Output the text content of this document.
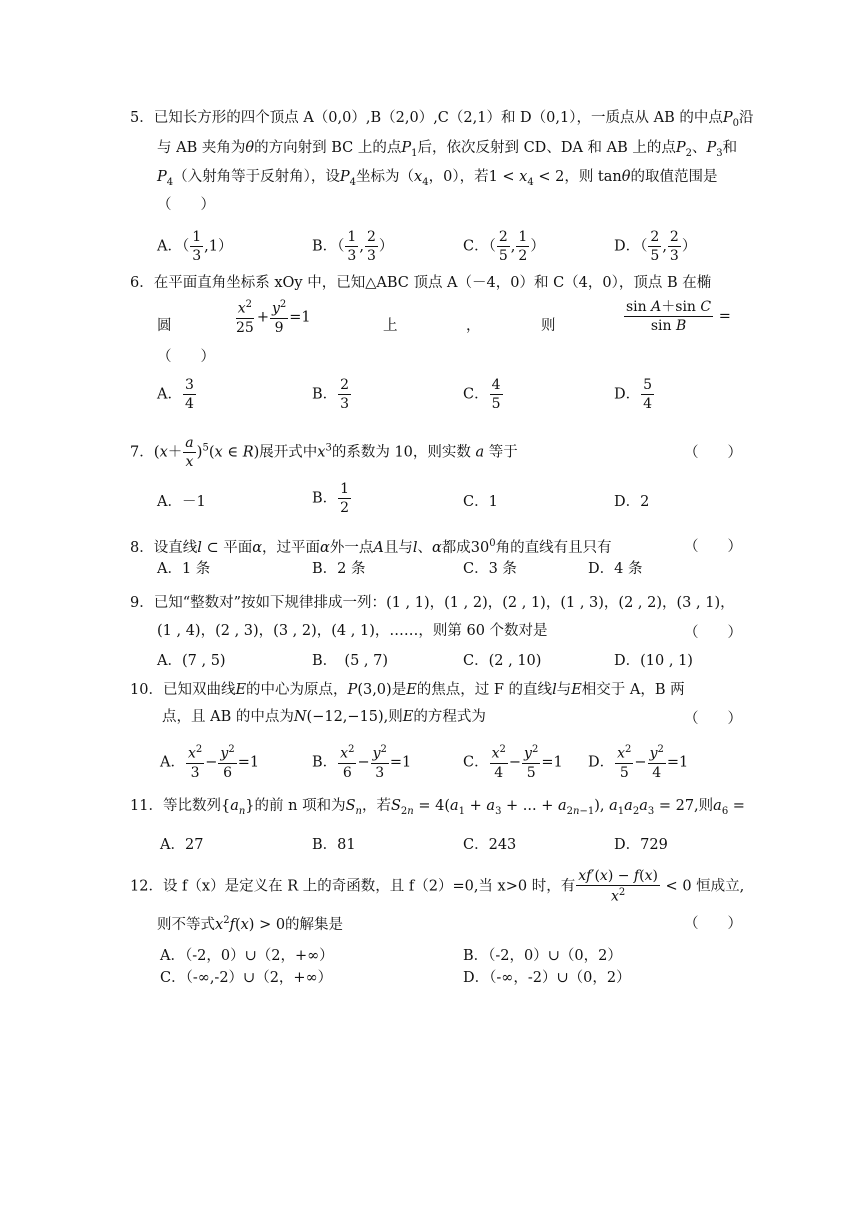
5．已知长方形的四个顶点 A（0,0）,B（2,0）,C（2,1）和 D（0,1），一质点从 AB 的中点$P_0$沿
与 AB 夹角为θ的方向射到 BC 上的点$P_1$后，依次反射到 CD、DA 和 AB 上的点$P_2$、$P_3$和
$P_4$（入射角等于反射角），设$P_4$坐标为（$x_4$，0），若$1 < x_4 < 2$，则 tanθ的取值范围是
（　　）
A．（ $\frac{1}{3} ,1$）	B．（ $\frac{1}{3}$ , $\frac{2}{3}$ ）	C．（ $\frac{2}{5}$ , $\frac{1}{2}$ ）	D．（ $\frac{2}{5}$ , $\frac{2}{3}$ ）
6．在平面直角坐标系 xOy 中，已知△ABC 顶点 A（－4，0）和 C（4，0），顶点 B 在椭
圆	$\frac{x^2}{25} + \frac{y^2}{9} =1$
上	，	则	$\frac{\text{sin A＋sin C}}{\text{sin B}}$ =
（　　）
A． $\frac{3}{4}$	B． $\frac{2}{3}$	C． $\frac{4}{5}$	D． $\frac{5}{4}$
7．$(x+ \frac{a}{x} )^5(x$ ∈ R)展开式中$x^3$的系数为 10，则实数 a 等于	（　　）
A．－1	B． $\frac{1}{2}$	C．1	D．2
8．设直线l ⊂ 平面α，过平面α外一点A且与l、α都成$30^0$角的直线有且只有	（　　）
A．1 条	B．2 条	C．3 条	D．4 条
9．已知“整数对”按如下规律排成一列：(1 , 1)，(1 , 2)，(2 , 1)，(1 , 3)，(2 , 2)，(3 , 1)，
(1 , 4)，(2 , 3)，(3 , 2)，(4 , 1)，……，则第 60 个数对是	（　　）
A．(7 , 5)	B．　(5 , 7)	C．(2 , 10)	D．(10 , 1)
10．已知双曲线E的中心为原点，P(3,0)是E的焦点，过 F 的直线l与E相交于 A，B 两
点，且 AB 的中点为N(−12,−15),则E的方程式为	（　　）
A． $\frac{x^2}{3} - \frac{y^2}{6} =1$	B． $\frac{x^2}{6} - \frac{y^2}{3} =1$	C． $\frac{x^2}{4} - \frac{y^2}{5} =1$ D． $\frac{x^2}{5} - \frac{y^2}{4} =1$
11．等比数列$\{a_n\}$的前 n 项和为$S_n$，若$S_{2n} = 4(a_1 + a_3$ + ... + $a_{2n-1}$), $a_1a_2a_3 = 27$,则$a_6$ =
A．27	B．81	C．243	D．729
12．设 f（x）是定义在 R 上的奇函数，且 f（2）=0,当 x>0 时，有 $\frac{xf'(x) - f(x)}{x^2} < 0$ 恒成立,
则不等式$x^2f(x) > 0$的解集是	（　　）
A．（-2，0）∪（2，+∞）	B．（-2，0）∪（0，2）
C．（-∞,-2）∪（2，+∞）	D．（-∞，-2）∪（0，2）
